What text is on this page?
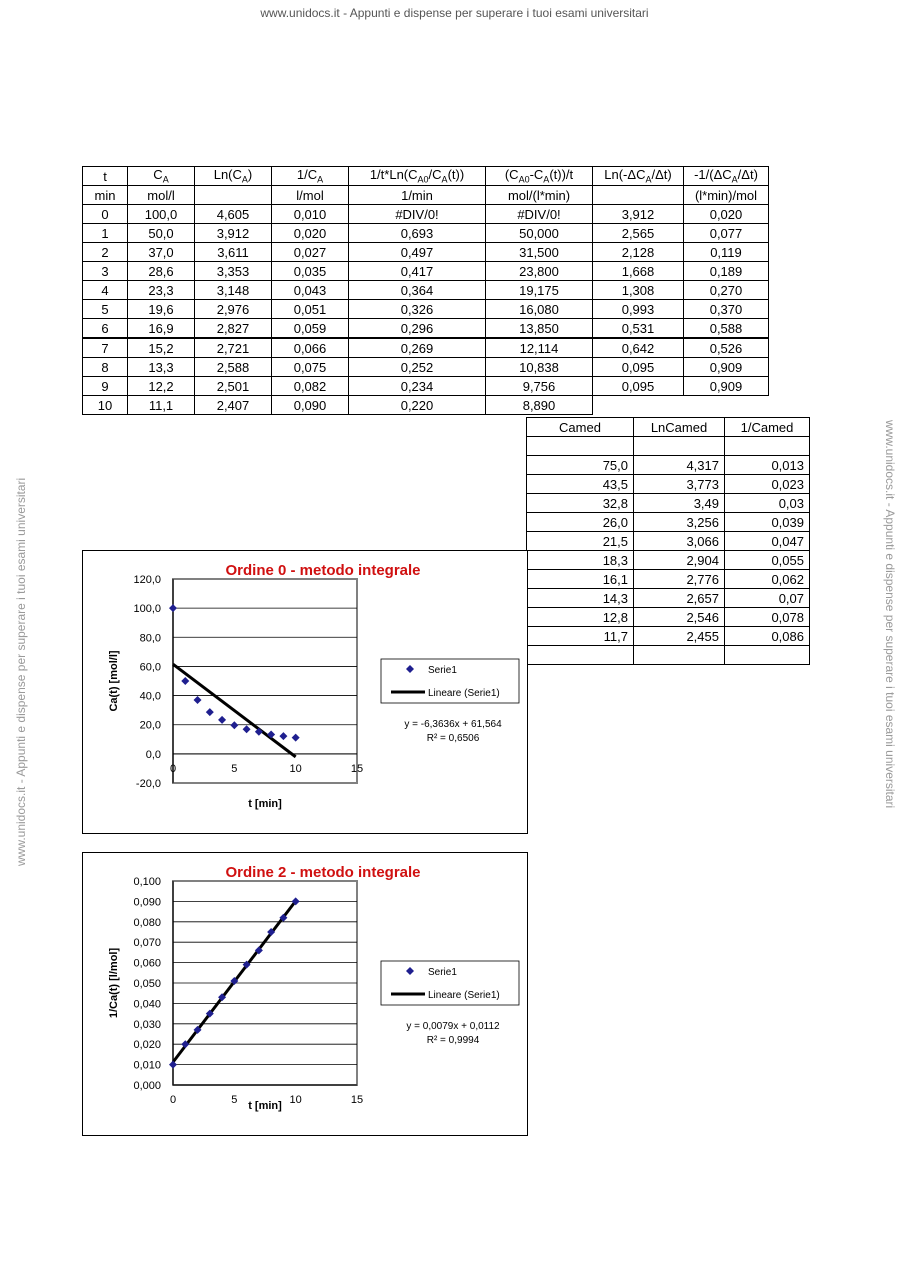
www.unidocs.it - Appunti e dispense per superare i tuoi esami universitari
www.unidocs.it - Appunti e dispense per superare i tuoi esami universitari	www.unidocs.it - Appunti e dispense per superare i tuoi esami universitari
t	$C_A$	$Ln(C_A)$	$1/C_A$	$1/t*Ln(C_{A0}/C_A(t))$	$(C_{A0}-C_A(t))/t$	$Ln(-\Delta C_A/\Delta t)$	$-1/(\Delta C_A/\Delta t)$
min	mol/l		l/mol	1/min	mol/(l*min)		(l*min)/mol
0	100,0	4,605	0,010	#DIV/0!	#DIV/0!	3,912	0,020
1	50,0	3,912	0,020	0,693	50,000	2,565	0,077
2	37,0	3,611	0,027	0,497	31,500	2,128	0,119
3	28,6	3,353	0,035	0,417	23,800	1,668	0,189
4	23,3	3,148	0,043	0,364	19,175	1,308	0,270
5	19,6	2,976	0,051	0,326	16,080	0,993	0,370
6	16,9	2,827	0,059	0,296	13,850	0,531	0,588
7	15,2	2,721	0,066	0,269	12,114	0,642	0,526
8	13,3	2,588	0,075	0,252	10,838	0,095	0,909
9	12,2	2,501	0,082	0,234	9,756	0,095	0,909
10	11,1	2,407	0,090	0,220	8,890		
Camed	LnCamed	1/Camed

75,0	4,317	0,013
43,5	3,773	0,023
32,8	3,49	0,03
26,0	3,256	0,039
21,5	3,066	0,047
18,3	2,904	0,055
16,1	2,776	0,062
14,3	2,657	0,07
12,8	2,546	0,078
11,7	2,455	0,086

Ordine 0 - metodo integrale
120,0
100,0
80,0
60,0
40,0
20,0
0,0
-20,0
0	5	10	15
t [min]
Ca(t) [mol/l]	Serie1
Lineare (Serie1)
y = -6,3636x + 61,564
R² = 0,6506
Ordine 2 - metodo integrale
0,100
0,090
0,080
0,070
0,060
0,050
0,040
0,030
0,020
0,010
0,000
0	5	10	15
t [min]
1/Ca(t) [l/mol]	Serie1
Lineare (Serie1)
y = 0,0079x + 0,0112
R² = 0,9994
